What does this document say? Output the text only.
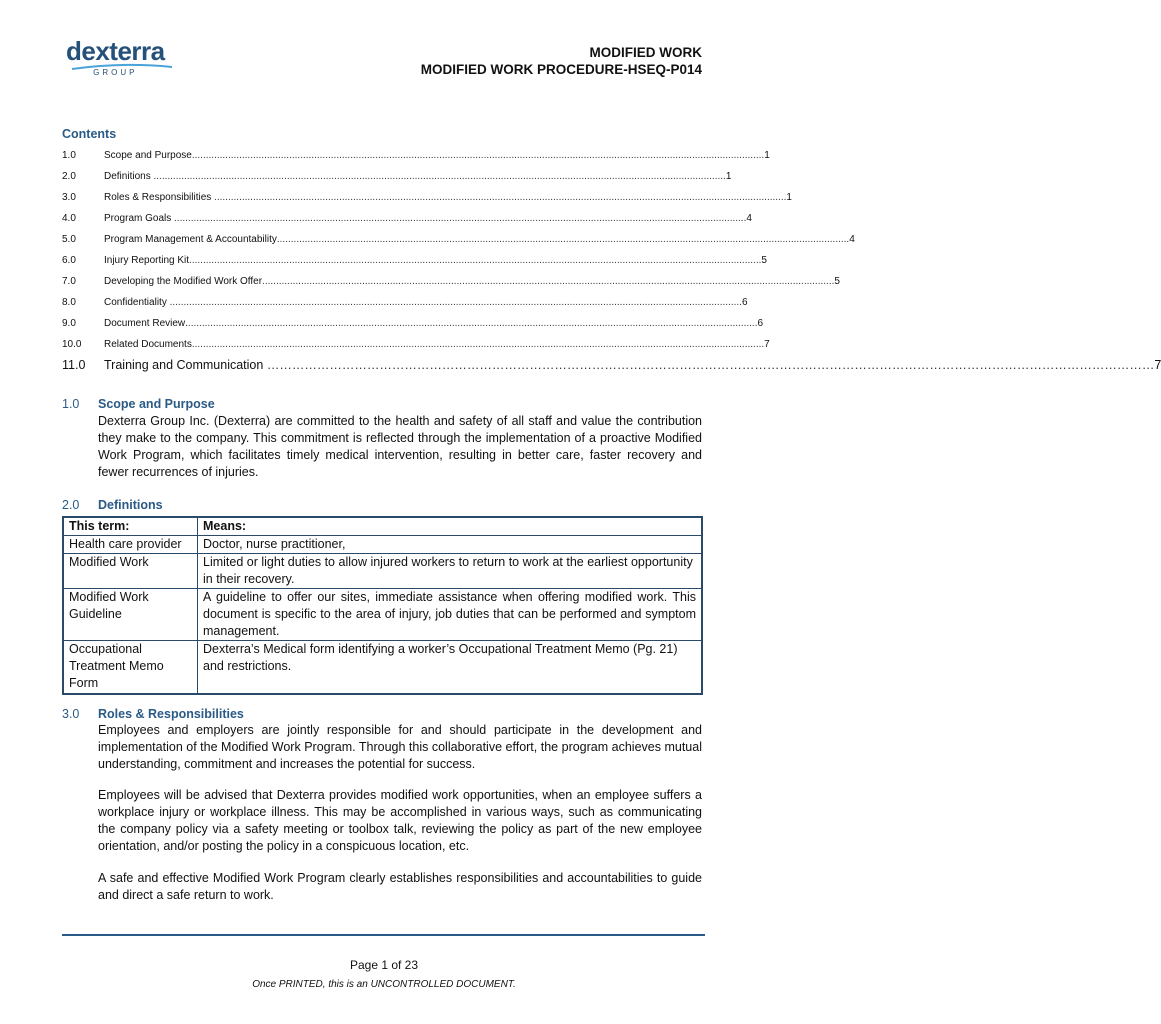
dexterra
GROUP
MODIFIED WORK
MODIFIED WORK PROCEDURE-HSEQ-P014
Contents
1.0	Scope and Purpose .............................................................................................................................................................................................................. 1
2.0	Definitions .............................................................................................................................................................................................................. 1
3.0	Roles & Responsibilities .............................................................................................................................................................................................................. 1
4.0	Program Goals .............................................................................................................................................................................................................. 4
5.0	Program Management & Accountability .............................................................................................................................................................................................................. 4
6.0	Injury Reporting Kit .............................................................................................................................................................................................................. 5
7.0	Developing the Modified Work Offer .............................................................................................................................................................................................................. 5
8.0	Confidentiality .............................................................................................................................................................................................................. 6
9.0	Document Review .............................................................................................................................................................................................................. 6
10.0	Related Documents .............................................................................................................................................................................................................. 7
11.0	Training and Communication …………………………………………………………………………………………………………………………………………………………………………………………… 7
1.0 Scope and Purpose
Dexterra Group Inc. (Dexterra) are committed to the health and safety of all staff and value the contribution they make to the company. This commitment is reflected through the implementation of a proactive Modified Work Program, which facilitates timely medical intervention, resulting in better care, faster recovery and fewer recurrences of injuries.
2.0 Definitions
This term:	Means:
Health care provider	Doctor, nurse practitioner,
Modified Work	Limited or light duties to allow injured workers to return to work at the earliest opportunity in their recovery.
Modified Work Guideline	A guideline to offer our sites, immediate assistance when offering modified work. This document is specific to the area of injury, job duties that can be performed and symptom management.
Occupational Treatment Memo Form	Dexterra’s Medical form identifying a worker’s Occupational Treatment Memo (Pg. 21) and restrictions.
3.0 Roles & Responsibilities
Employees and employers are jointly responsible for and should participate in the development and implementation of the Modified Work Program. Through this collaborative effort, the program achieves mutual understanding, commitment and increases the potential for success.
Employees will be advised that Dexterra provides modified work opportunities, when an employee suffers a workplace injury or workplace illness. This may be accomplished in various ways, such as communicating the company policy via a safety meeting or toolbox talk, reviewing the policy as part of the new employee orientation, and/or posting the policy in a conspicuous location, etc.
A safe and effective Modified Work Program clearly establishes responsibilities and accountabilities to guide and direct a safe return to work.
Page 1 of 23
Once PRINTED, this is an UNCONTROLLED DOCUMENT.
